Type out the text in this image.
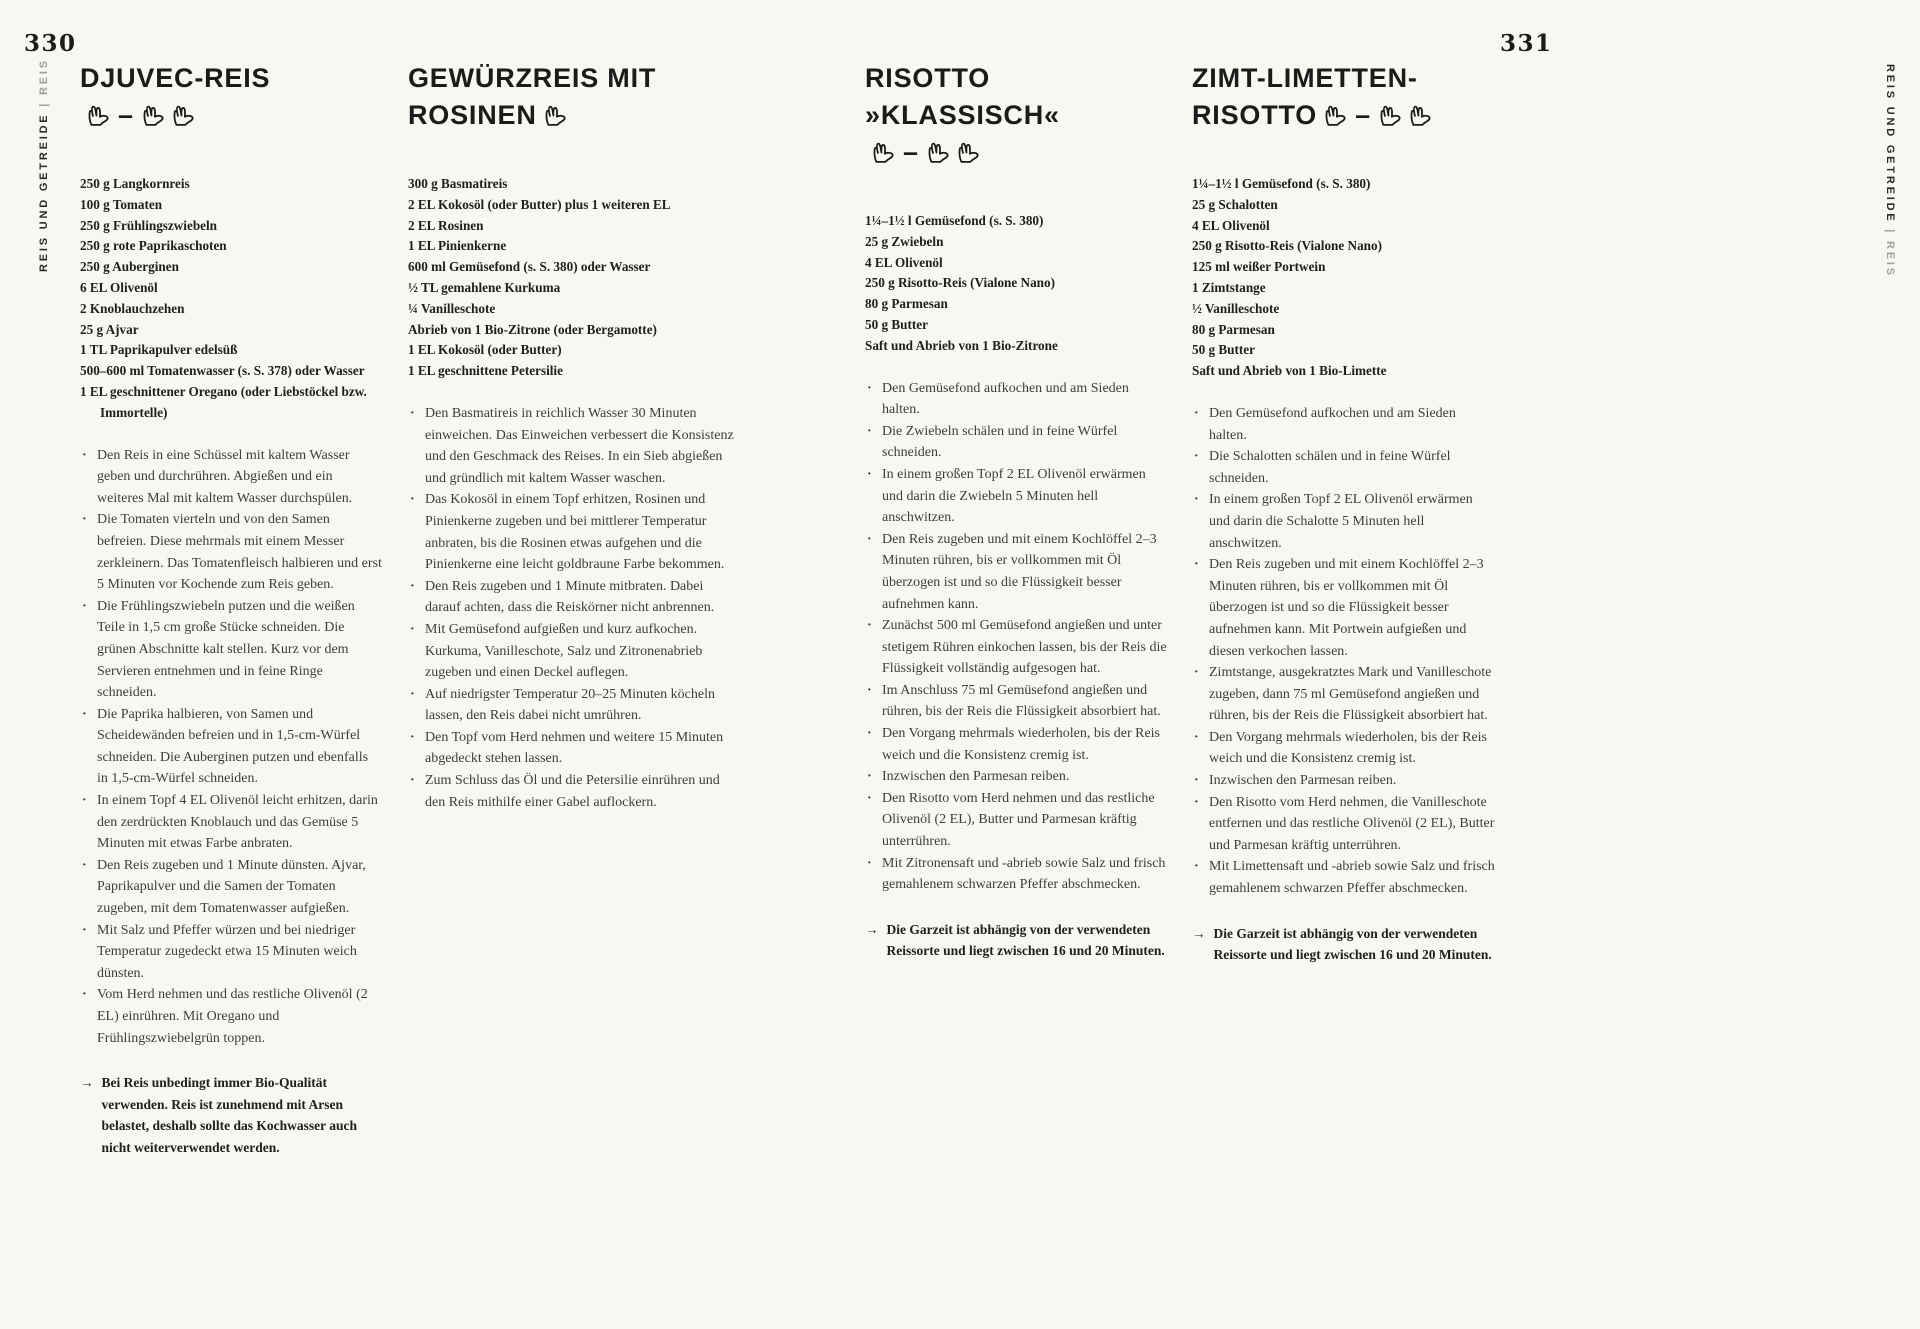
330	331
REIS UND GETREIDE | REIS	REIS UND GETREIDE | REIS
DJUVEC-REIS–
250 g Langkornreis
100 g Tomaten
250 g Frühlingszwiebeln
250 g rote Paprikaschoten
250 g Auberginen
6 EL Olivenöl
2 Knoblauchzehen
25 g Ajvar
1 TL Paprikapulver edelsüß
500–600 ml Tomatenwasser (s. S. 378) oder Wasser
1 EL geschnittener Oregano (oder Liebstöckel bzw. Immortelle)
· Den Reis in eine Schüssel mit kaltem Wasser geben und durchrühren. Abgießen und ein weiteres Mal mit kaltem Wasser durchspülen.
· Die Tomaten vierteln und von den Samen befreien. Diese mehrmals mit einem Messer zerkleinern. Das Tomatenfleisch halbieren und erst 5 Minuten vor Kochende zum Reis geben.
· Die Frühlingszwiebeln putzen und die weißen Teile in 1,5 cm große Stücke schneiden. Die grünen Abschnitte kalt stellen. Kurz vor dem Servieren entnehmen und in feine Ringe schneiden.
· Die Paprika halbieren, von Samen und Scheidewänden befreien und in 1,5-cm-Würfel schneiden. Die Auberginen putzen und ebenfalls in 1,5-cm-Würfel schneiden.
· In einem Topf 4 EL Olivenöl leicht erhitzen, darin den zerdrückten Knoblauch und das Gemüse 5 Minuten mit etwas Farbe anbraten.
· Den Reis zugeben und 1 Minute dünsten. Ajvar, Paprikapulver und die Samen der Tomaten zugeben, mit dem Tomatenwasser aufgießen.
· Mit Salz und Pfeffer würzen und bei niedriger Temperatur zugedeckt etwa 15 Minuten weich dünsten.
· Vom Herd nehmen und das restliche Olivenöl (2 EL) einrühren. Mit Oregano und Frühlingszwiebelgrün toppen.

→ Bei Reis unbedingt immer Bio-Qualität verwenden. Reis ist zunehmend mit Arsen belastet, deshalb sollte das Kochwasser auch nicht weiterverwendet werden.

GEWÜRZREIS MIT
ROSINEN
300 g Basmatireis
2 EL Kokosöl (oder Butter) plus 1 weiteren EL
2 EL Rosinen
1 EL Pinienkerne
600 ml Gemüsefond (s. S. 380) oder Wasser
½ TL gemahlene Kurkuma
¼ Vanilleschote
Abrieb von 1 Bio-Zitrone (oder Bergamotte)
1 EL Kokosöl (oder Butter)
1 EL geschnittene Petersilie
· Den Basmatireis in reichlich Wasser 30 Minuten einweichen. Das Einweichen verbessert die Konsistenz und den Geschmack des Reises. In ein Sieb abgießen und gründlich mit kaltem Wasser waschen.
· Das Kokosöl in einem Topf erhitzen, Rosinen und Pinienkerne zugeben und bei mittlerer Temperatur anbraten, bis die Rosinen etwas aufgehen und die Pinienkerne eine leicht goldbraune Farbe bekommen.
· Den Reis zugeben und 1 Minute mitbraten. Dabei darauf achten, dass die Reiskörner nicht anbrennen.
· Mit Gemüsefond aufgießen und kurz aufkochen. Kurkuma, Vanilleschote, Salz und Zitronenabrieb zugeben und einen Deckel auflegen.
· Auf niedrigster Temperatur 20–25 Minuten köcheln lassen, den Reis dabei nicht umrühren.
· Den Topf vom Herd nehmen und weitere 15 Minuten abgedeckt stehen lassen.
· Zum Schluss das Öl und die Petersilie einrühren und den Reis mithilfe einer Gabel auflockern.
RISOTTO
»KLASSISCH«–
1¼–1½ l Gemüsefond (s. S. 380)
25 g Zwiebeln
4 EL Olivenöl
250 g Risotto-Reis (Vialone Nano)
80 g Parmesan
50 g Butter
Saft und Abrieb von 1 Bio-Zitrone
· Den Gemüsefond aufkochen und am Sieden halten.
· Die Zwiebeln schälen und in feine Würfel schneiden.
· In einem großen Topf 2 EL Olivenöl erwärmen und darin die Zwiebeln 5 Minuten hell anschwitzen.
· Den Reis zugeben und mit einem Kochlöffel 2–3 Minuten rühren, bis er vollkommen mit Öl überzogen ist und so die Flüssigkeit besser aufnehmen kann.
· Zunächst 500 ml Gemüsefond angießen und unter stetigem Rühren einkochen lassen, bis der Reis die Flüssigkeit vollständig aufgesogen hat.
· Im Anschluss 75 ml Gemüsefond angießen und rühren, bis der Reis die Flüssigkeit absorbiert hat.
· Den Vorgang mehrmals wiederholen, bis der Reis weich und die Konsistenz cremig ist.
· Inzwischen den Parmesan reiben.
· Den Risotto vom Herd nehmen und das restliche Olivenöl (2 EL), Butter und Parmesan kräftig unterrühren.
· Mit Zitronensaft und -abrieb sowie Salz und frisch gemahlenem schwarzen Pfeffer abschmecken.

→ Die Garzeit ist abhängig von der verwendeten Reissorte und liegt zwischen 16 und 20 Minuten.

ZIMT-LIMETTEN-
RISOTTO –
1¼–1½ l Gemüsefond (s. S. 380)
25 g Schalotten
4 EL Olivenöl
250 g Risotto-Reis (Vialone Nano)
125 ml weißer Portwein
1 Zimtstange
½ Vanilleschote
80 g Parmesan
50 g Butter
Saft und Abrieb von 1 Bio-Limette
· Den Gemüsefond aufkochen und am Sieden halten.
· Die Schalotten schälen und in feine Würfel schneiden.
· In einem großen Topf 2 EL Olivenöl erwärmen und darin die Schalotte 5 Minuten hell anschwitzen.
· Den Reis zugeben und mit einem Kochlöffel 2–3 Minuten rühren, bis er vollkommen mit Öl überzogen ist und so die Flüssigkeit besser aufnehmen kann. Mit Portwein aufgießen und diesen verkochen lassen.
· Zimtstange, ausgekratztes Mark und Vanilleschote zugeben, dann 75 ml Gemüsefond angießen und rühren, bis der Reis die Flüssigkeit absorbiert hat.
· Den Vorgang mehrmals wiederholen, bis der Reis weich und die Konsistenz cremig ist.
· Inzwischen den Parmesan reiben.
· Den Risotto vom Herd nehmen, die Vanilleschote entfernen und das restliche Olivenöl (2 EL), Butter und Parmesan kräftig unterrühren.
· Mit Limettensaft und -abrieb sowie Salz und frisch gemahlenem schwarzen Pfeffer abschmecken.

→ Die Garzeit ist abhängig von der verwendeten Reissorte und liegt zwischen 16 und 20 Minuten.
